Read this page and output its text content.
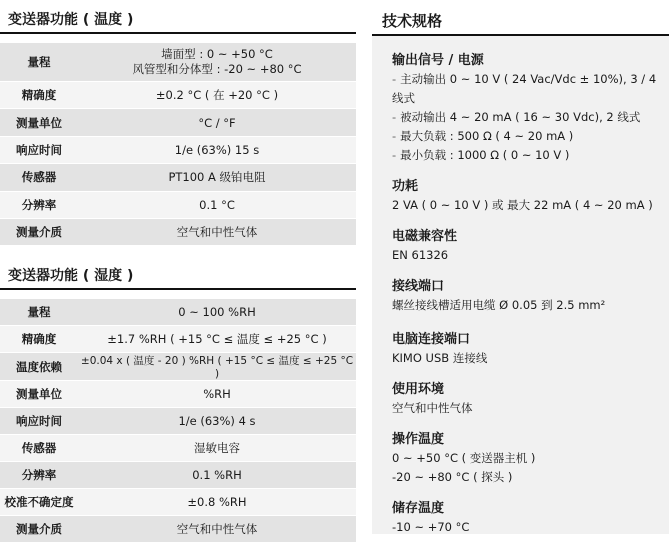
变送器功能 ( 温度 )
量程	墙面型 : 0 ~ +50 °C
风管型和分体型 : -20 ~ +80 °C

精确度	±0.2 °C ( 在 +20 °C )
测量单位	°C / °F
响应时间	1/e (63%) 15 s
传感器	PT100 A 级铂电阻
分辨率	0.1 °C
测量介质	空气和中性气体
变送器功能 ( 湿度 )
量程	0 ~ 100 %RH
精确度	±1.7 %RH ( +15 °C ≤ 温度 ≤ +25 °C )
温度依赖	±0.04 x ( 温度 - 20 ) %RH ( +15 °C ≤ 温度 ≤ +25 °C )
测量单位	%RH
响应时间	1/e (63%) 4 s
传感器	湿敏电容
分辨率	0.1 %RH
校准不确定度	±0.8 %RH
测量介质	空气和中性气体
技术规格
输出信号 / 电源
- 主动输出 0 ~ 10 V ( 24 Vac/Vdc ± 10%), 3 / 4 线式
- 被动输出 4 ~ 20 mA ( 16 ~ 30 Vdc), 2 线式
- 最大负载 : 500 Ω ( 4 ~ 20 mA )
- 最小负载 : 1000 Ω ( 0 ~ 10 V )
功耗
2 VA ( 0 ~ 10 V ) 或 最大 22 mA ( 4 ~ 20 mA )
电磁兼容性
EN 61326
接线端口
螺丝接线槽适用电缆 Ø 0.05 到 2.5 mm²
电脑连接端口
KIMO USB 连接线
使用环境
空气和中性气体
操作温度
0 ~ +50 °C ( 变送器主机 )
-20 ~ +80 °C ( 探头 )
储存温度
-10 ~ +70 °C
